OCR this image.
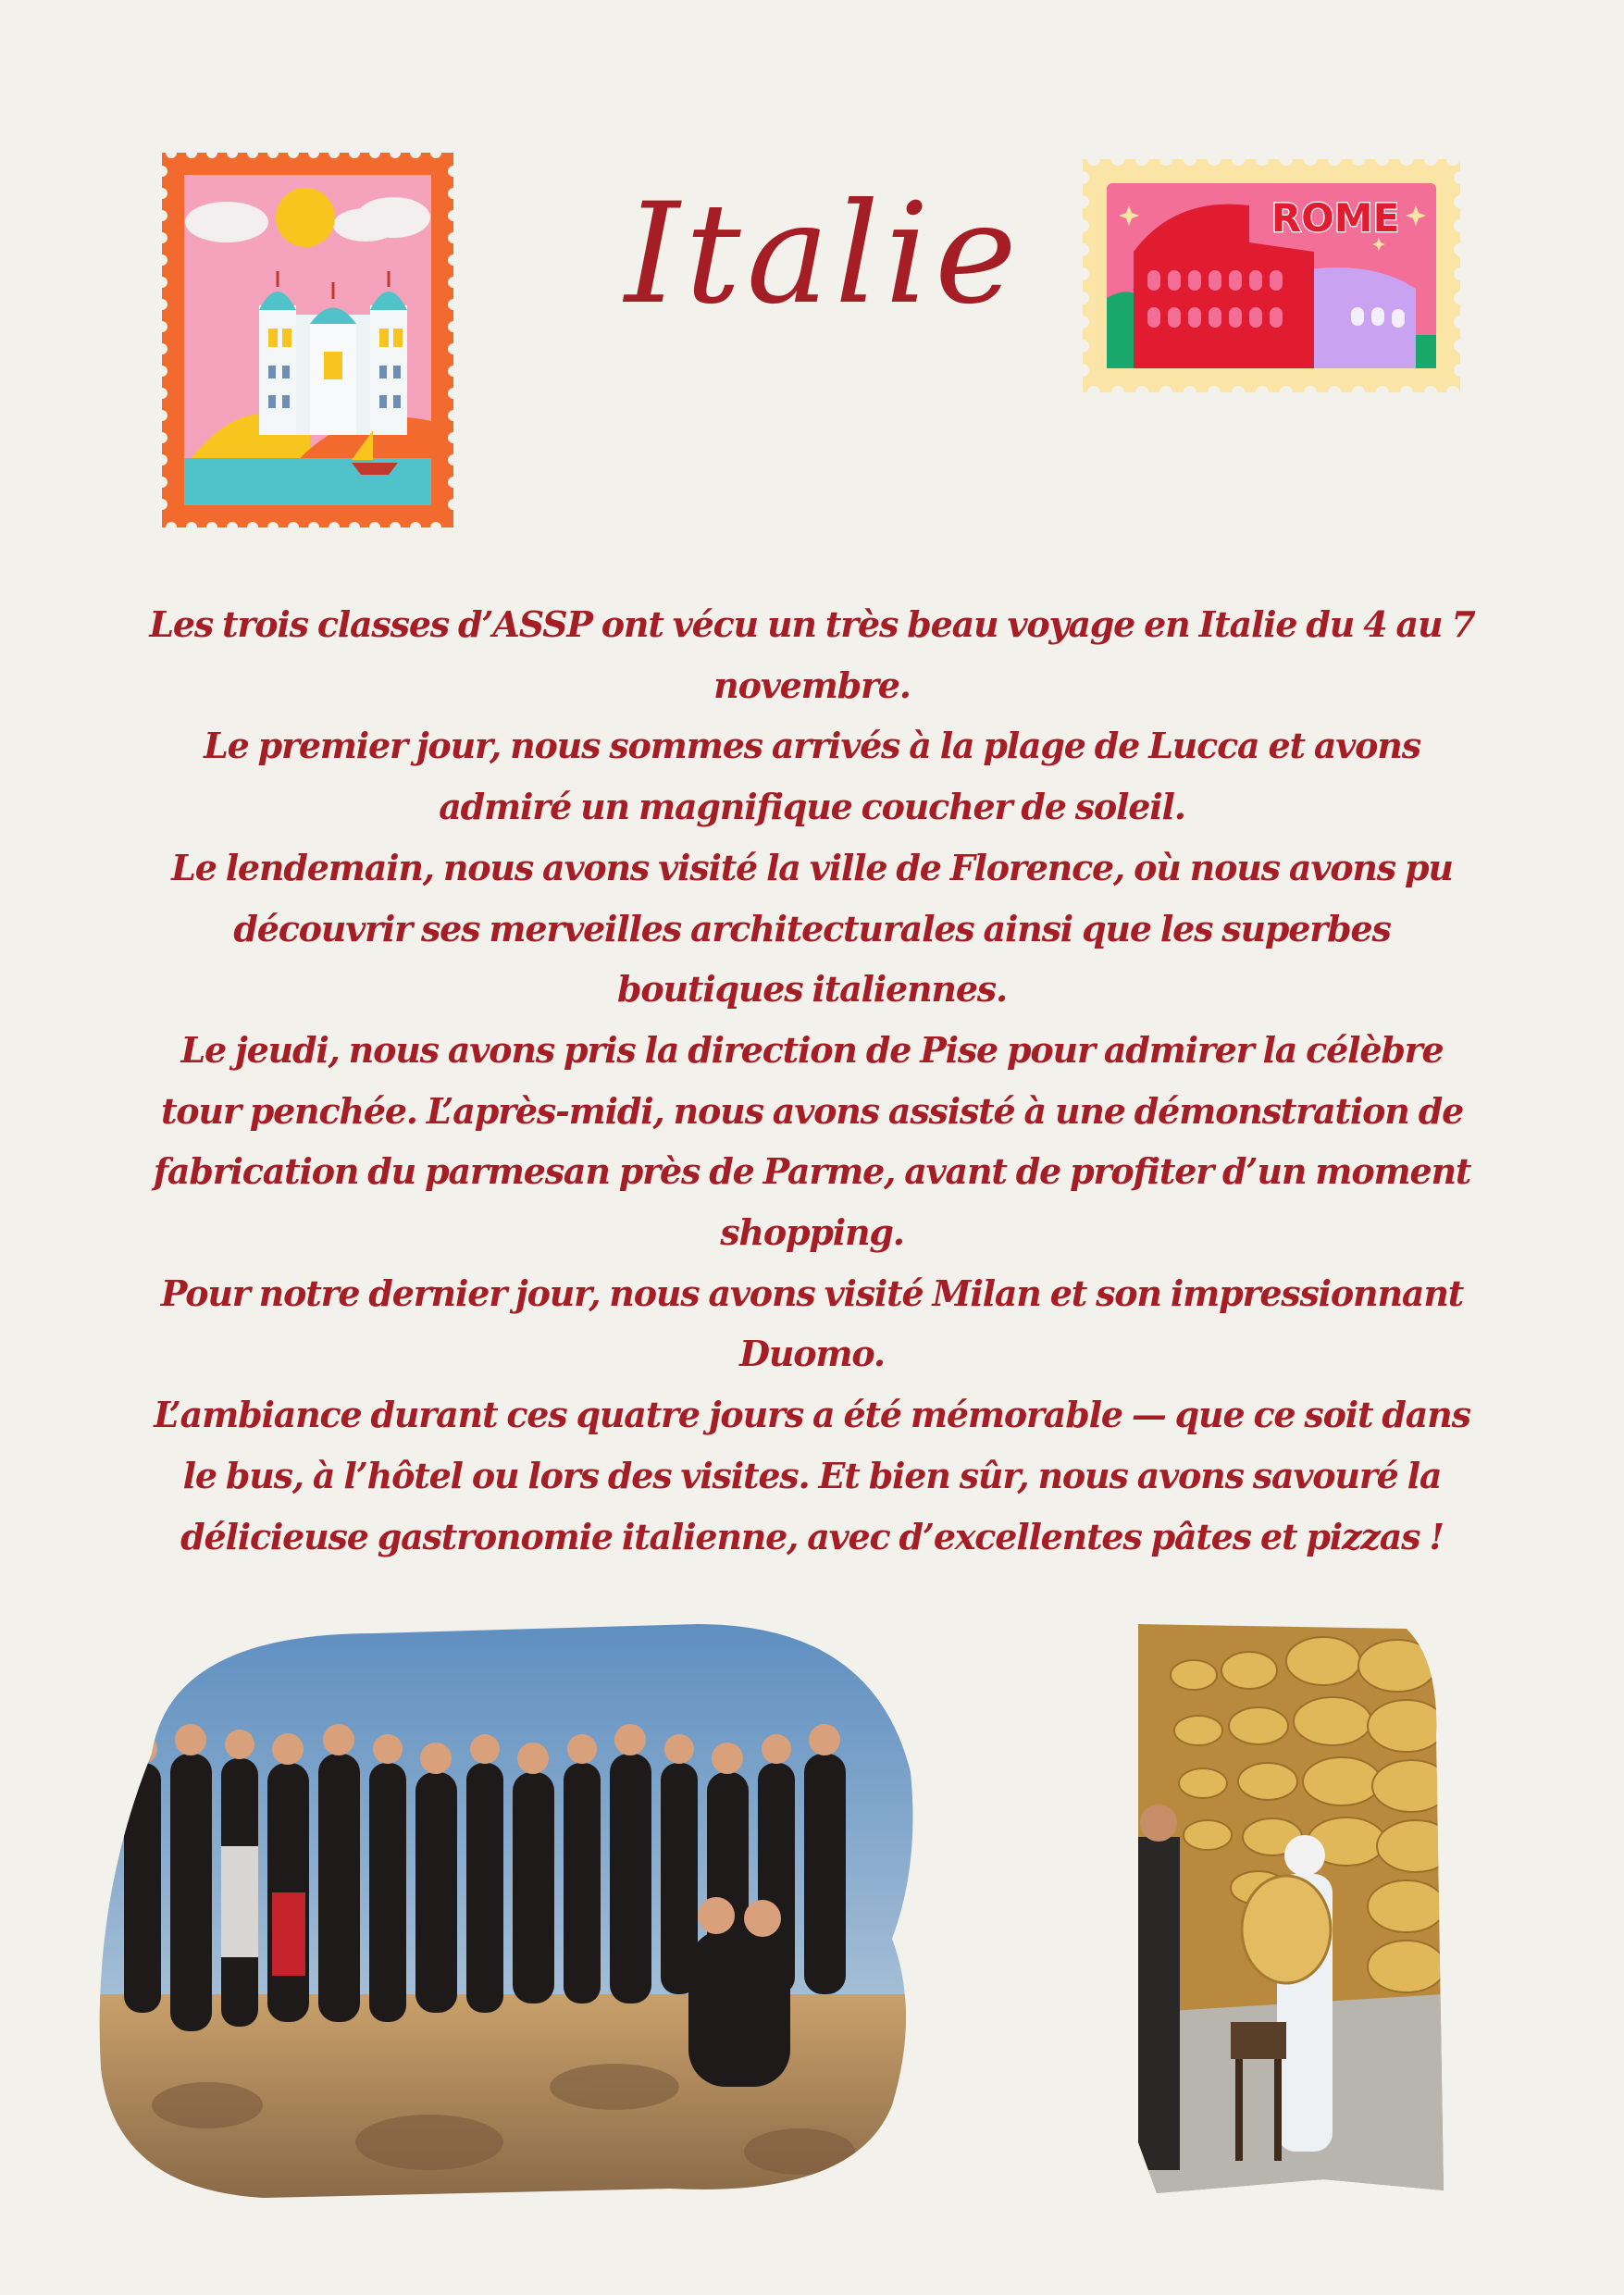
Italie	ROME

Les trois classes d’ASSP ont vécu un très beau voyage en Italie du 4 au 7 novembre.

Le premier jour, nous sommes arrivés à la plage de Lucca et avons admiré un magnifique coucher de soleil.

Le lendemain, nous avons visité la ville de Florence, où nous avons pu découvrir ses merveilles architecturales ainsi que les superbes boutiques italiennes.

Le jeudi, nous avons pris la direction de Pise pour admirer la célèbre tour penchée. L’après-midi, nous avons assisté à une démonstration de fabrication du parmesan près de Parme, avant de profiter d’un moment shopping.

Pour notre dernier jour, nous avons visité Milan et son impressionnant Duomo.

L’ambiance durant ces quatre jours a été mémorable — que ce soit dans le bus, à l’hôtel ou lors des visites. Et bien sûr, nous avons savouré la délicieuse gastronomie italienne, avec d’excellentes pâtes et pizzas !
